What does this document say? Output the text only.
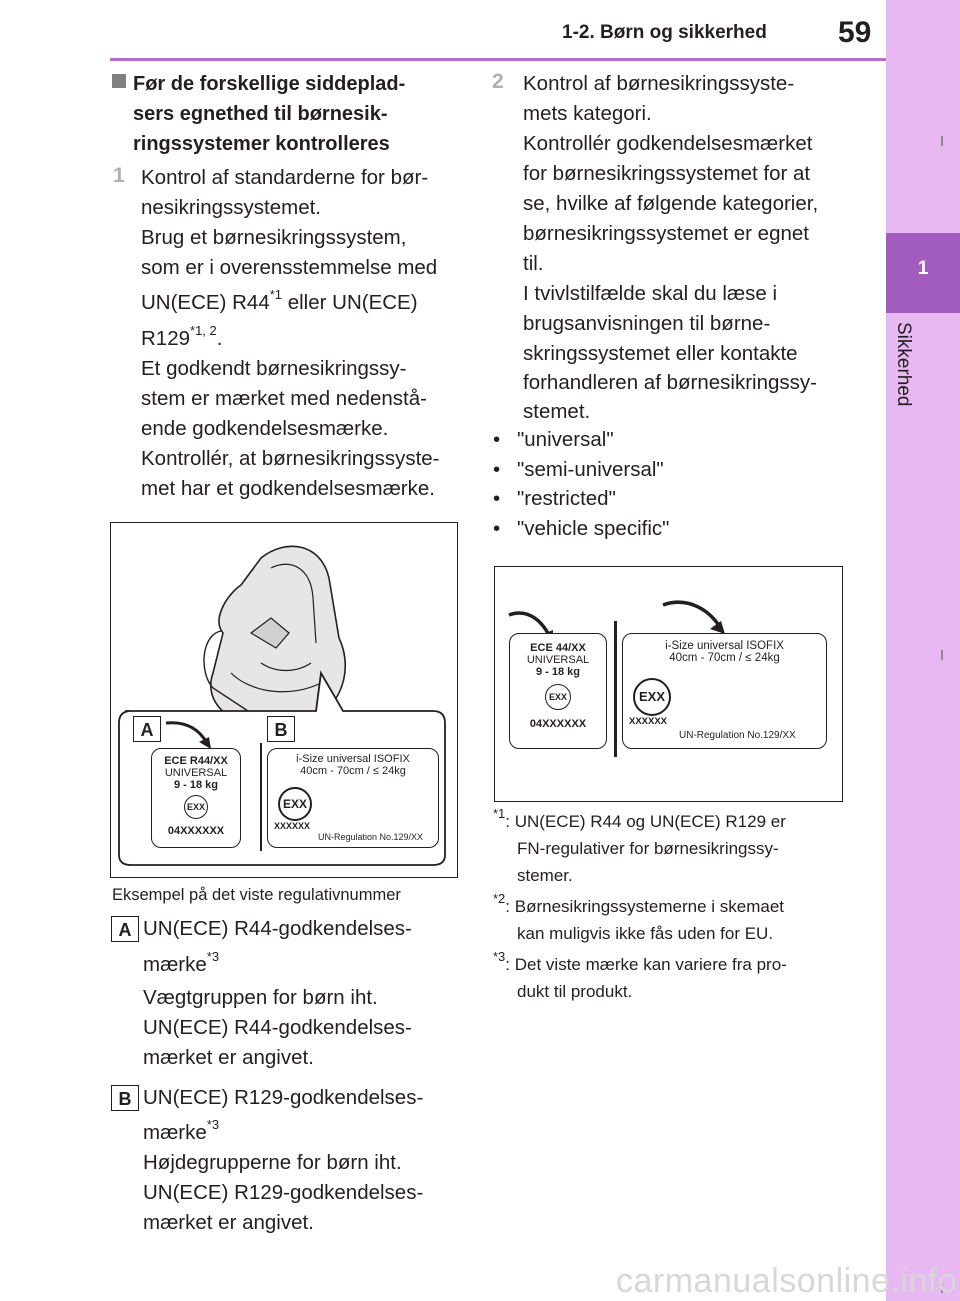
1-2. Børn og sikkerhed 59
1
Sikkerhed
Før de forskellige siddeplad-
sers egnethed til børnesik-
ringssystemer kontrolleres
1 Kontrol af standarderne for bør-
nesikringssystemet.
Brug et børnesikringssystem,
som er i overensstemmelse med
UN(ECE) R44$^{*1}$ eller UN(ECE)
R129$^{*1, 2}$.
Et godkendt børnesikringssy-
stem er mærket med nedenstå-
ende godkendelsesmærke.
Kontrollér, at børnesikringssyste-
met har et godkendelsesmærke.
A	B
ECE R44/XX
UNIVERSAL
9 - 18 kg
EXX
04XXXXXX
i-Size universal ISOFIX
40cm - 70cm / ≤ 24kg
EXX
XXXXXX
UN-Regulation No.129/XX
Eksempel på det viste regulativnummer
A UN(ECE) R44-godkendelses-
mærke$^{*3}$
Vægtgruppen for børn iht.
UN(ECE) R44-godkendelses-
mærket er angivet.
B UN(ECE) R129-godkendelses-
mærke$^{*3}$
Højdegrupperne for børn iht.
UN(ECE) R129-godkendelses-
mærket er angivet.
2 Kontrol af børnesikringssyste-
mets kategori.
Kontrollér godkendelsesmærket
for børnesikringssystemet for at
se, hvilke af følgende kategorier,
børnesikringssystemet er egnet
til.
I tvivlstilfælde skal du læse i
brugsanvisningen til børne-
skringssystemet eller kontakte
forhandleren af børnesikringssy-
stemet.
• "universal"
• "semi-universal"
• "restricted"
• "vehicle specific"
ECE 44/XX
UNIVERSAL
9 - 18 kg
EXX
04XXXXXX
i-Size universal ISOFIX
40cm - 70cm / ≤ 24kg
EXX
XXXXXX
UN-Regulation No.129/XX
$^{*1}$: UN(ECE) R44 og UN(ECE) R129 er
FN-regulativer for børnesikringssy-
stemer.
$^{*2}$: Børnesikringssystemerne i skemaet
kan muligvis ikke fås uden for EU.
$^{*3}$: Det viste mærke kan variere fra pro-
dukt til produkt.
carmanualsonline.info
